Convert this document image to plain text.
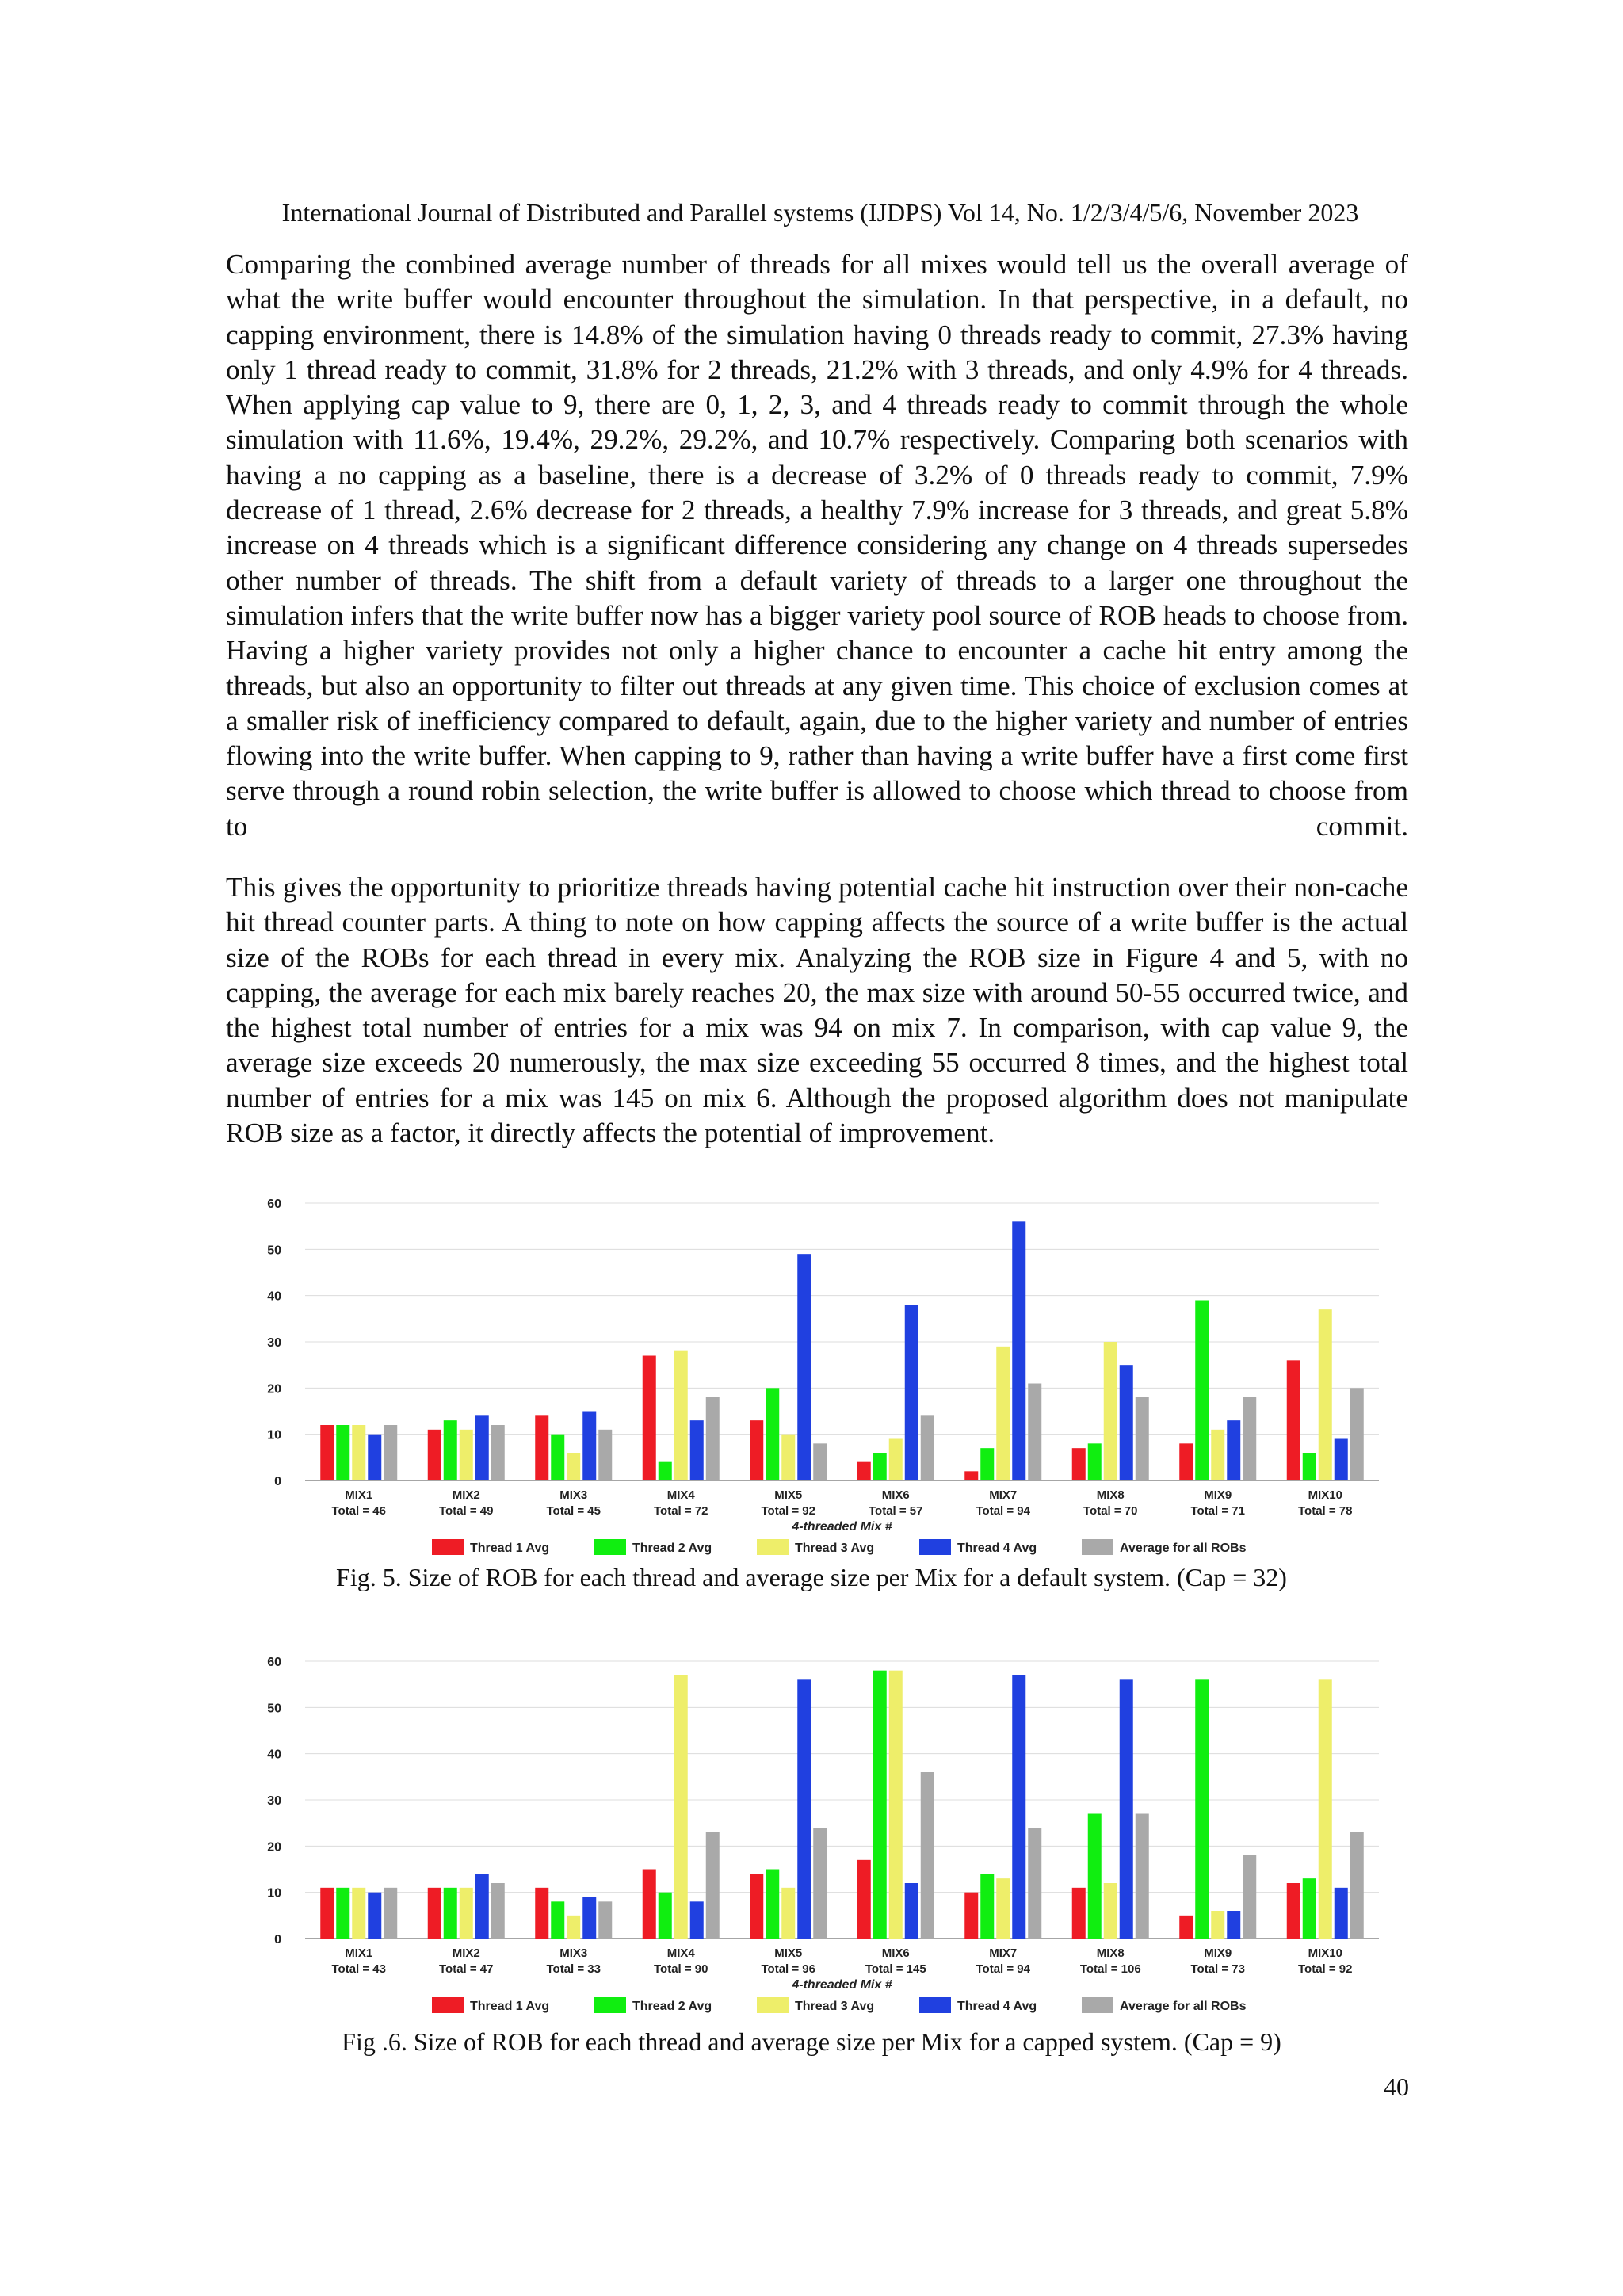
International Journal of Distributed and Parallel systems (IJDPS) Vol 14, No. 1/2/3/4/5/6, November 2023

Comparing the combined average number of threads for all mixes would tell us the overall average of what the write buffer would encounter throughout the simulation. In that perspective, in a default, no capping environment, there is 14.8% of the simulation having 0 threads ready to commit, 27.3% having only 1 thread ready to commit, 31.8% for 2 threads, 21.2% with 3 threads, and only 4.9% for 4 threads. When applying cap value to 9, there are 0, 1, 2, 3, and 4 threads ready to commit through the whole simulation with 11.6%, 19.4%, 29.2%, 29.2%, and 10.7% respectively. Comparing both scenarios with having a no capping as a baseline, there is a decrease of 3.2% of 0 threads ready to commit, 7.9% decrease of 1 thread, 2.6% decrease for 2 threads, a healthy 7.9% increase for 3 threads, and great 5.8% increase on 4 threads which is a significant difference considering any change on 4 threads supersedes other number of threads. The shift from a default variety of threads to a larger one throughout the simulation infers that the write buffer now has a bigger variety pool source of ROB heads to choose from. Having a higher variety provides not only a higher chance to encounter a cache hit entry among the threads, but also an opportunity to filter out threads at any given time. This choice of exclusion comes at a smaller risk of inefficiency compared to default, again, due to the higher variety and number of entries flowing into the write buffer. When capping to 9, rather than having a write buffer have a first come first serve through a round robin selection, the write buffer is allowed to choose which thread to choose from to commit.

This gives the opportunity to prioritize threads having potential cache hit instruction over their non-cache hit thread counter parts. A thing to note on how capping affects the source of a write buffer is the actual size of the ROBs for each thread in every mix. Analyzing the ROB size in Figure 4 and 5, with no capping, the average for each mix barely reaches 20, the max size with around 50-55 occurred twice, and the highest total number of entries for a mix was 94 on mix 7. In comparison, with cap value 9, the average size exceeds 20 numerously, the max size exceeding 55 occurred 8 times, and the highest total number of entries for a mix was 145 on mix 6. Although the proposed algorithm does not manipulate ROB size as a factor, it directly affects the potential of improvement.

0
10
20
30
40
50
60
MIX1
Total = 46
MIX2
Total = 49
MIX3
Total = 45
MIX4
Total = 72
MIX5
Total = 92
MIX6
Total = 57
MIX7
Total = 94
MIX8
Total = 70
MIX9
Total = 71
MIX10
Total = 78
4-threaded Mix #
Thread 1 Avg	Thread 2 Avg	Thread 3 Avg	Thread 4 Avg	Average for all ROBs
Fig. 5. Size of ROB for each thread and average size per Mix for a default system. (Cap = 32)
0
10
20
30
40
50
60
MIX1
Total = 43
MIX2
Total = 47
MIX3
Total = 33
MIX4
Total = 90
MIX5
Total = 96
MIX6
Total = 145
MIX7
Total = 94
MIX8
Total = 106
MIX9
Total = 73
MIX10
Total = 92
4-threaded Mix #
Thread 1 Avg	Thread 2 Avg	Thread 3 Avg	Thread 4 Avg	Average for all ROBs
Fig .6. Size of ROB for each thread and average size per Mix for a capped system. (Cap = 9)
40
